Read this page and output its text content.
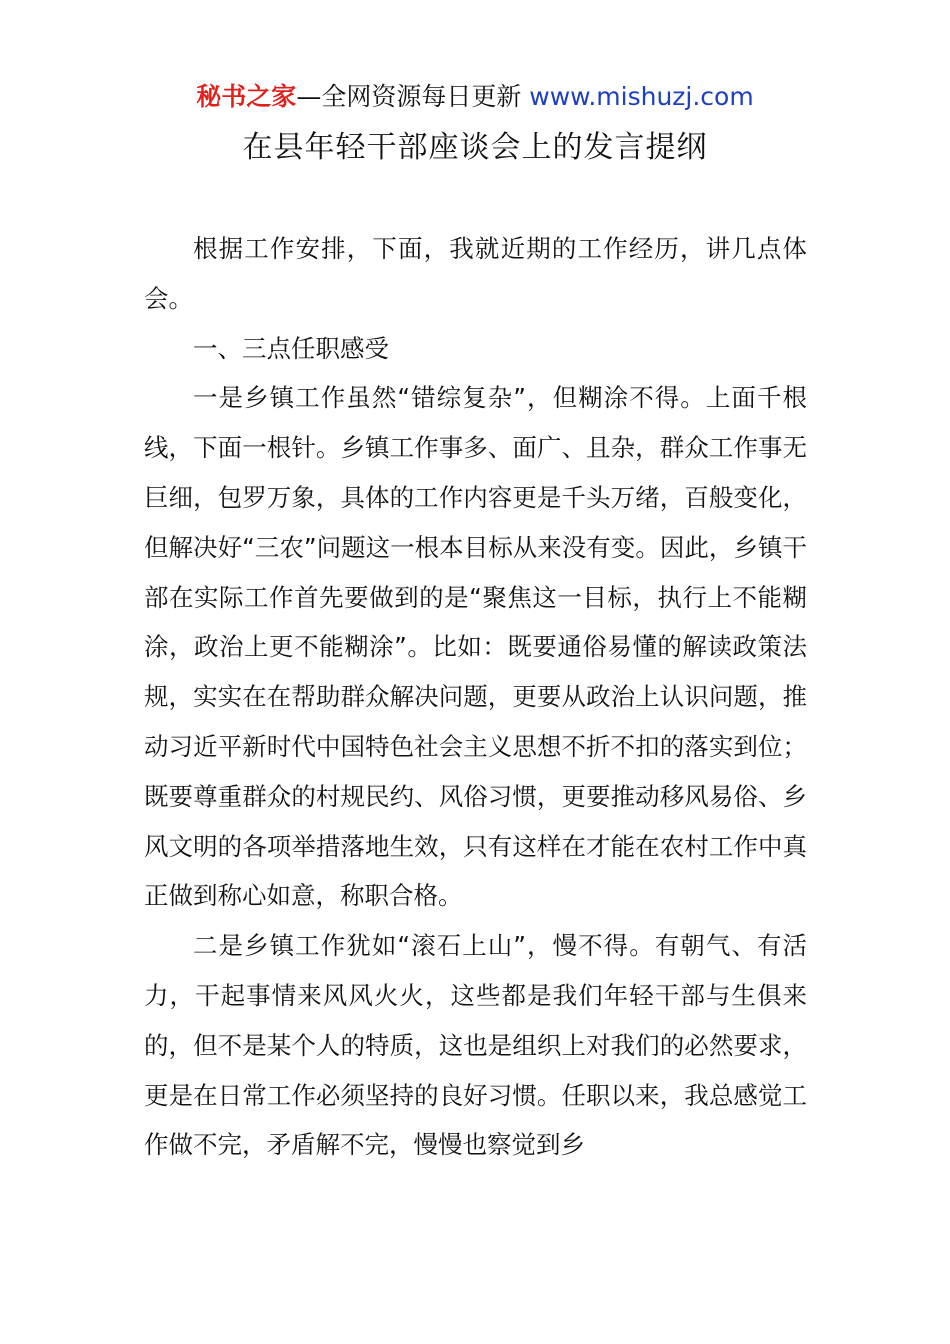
秘书之家—全网资源每日更新 www.mishuzj.com
在县年轻干部座谈会上的发言提纲

根据工作安排，下面，我就近期的工作经历，讲几点体会。

一、三点任职感受

一是乡镇工作虽然“错综复杂”，但糊涂不得。上面千根线，下面一根针。乡镇工作事多、面广、且杂，群众工作事无巨细，包罗万象，具体的工作内容更是千头万绪，百般变化，但解决好“三农”问题这一根本目标从来没有变。因此，乡镇干部在实际工作首先要做到的是“聚焦这一目标，执行上不能糊涂，政治上更不能糊涂”。比如：既要通俗易懂的解读政策法规，实实在在帮助群众解决问题，更要从政治上认识问题，推动习近平新时代中国特色社会主义思想不折不扣的落实到位；既要尊重群众的村规民约、风俗习惯，更要推动移风易俗、乡风文明的各项举措落地生效，只有这样在才能在农村工作中真正做到称心如意，称职合格。

二是乡镇工作犹如“滚石上山”，慢不得。有朝气、有活力，干起事情来风风火火，这些都是我们年轻干部与生俱来的，但不是某个人的特质，这也是组织上对我们的必然要求，更是在日常工作必须坚持的良好习惯。任职以来，我总感觉工作做不完，矛盾解不完，慢慢也察觉到乡
